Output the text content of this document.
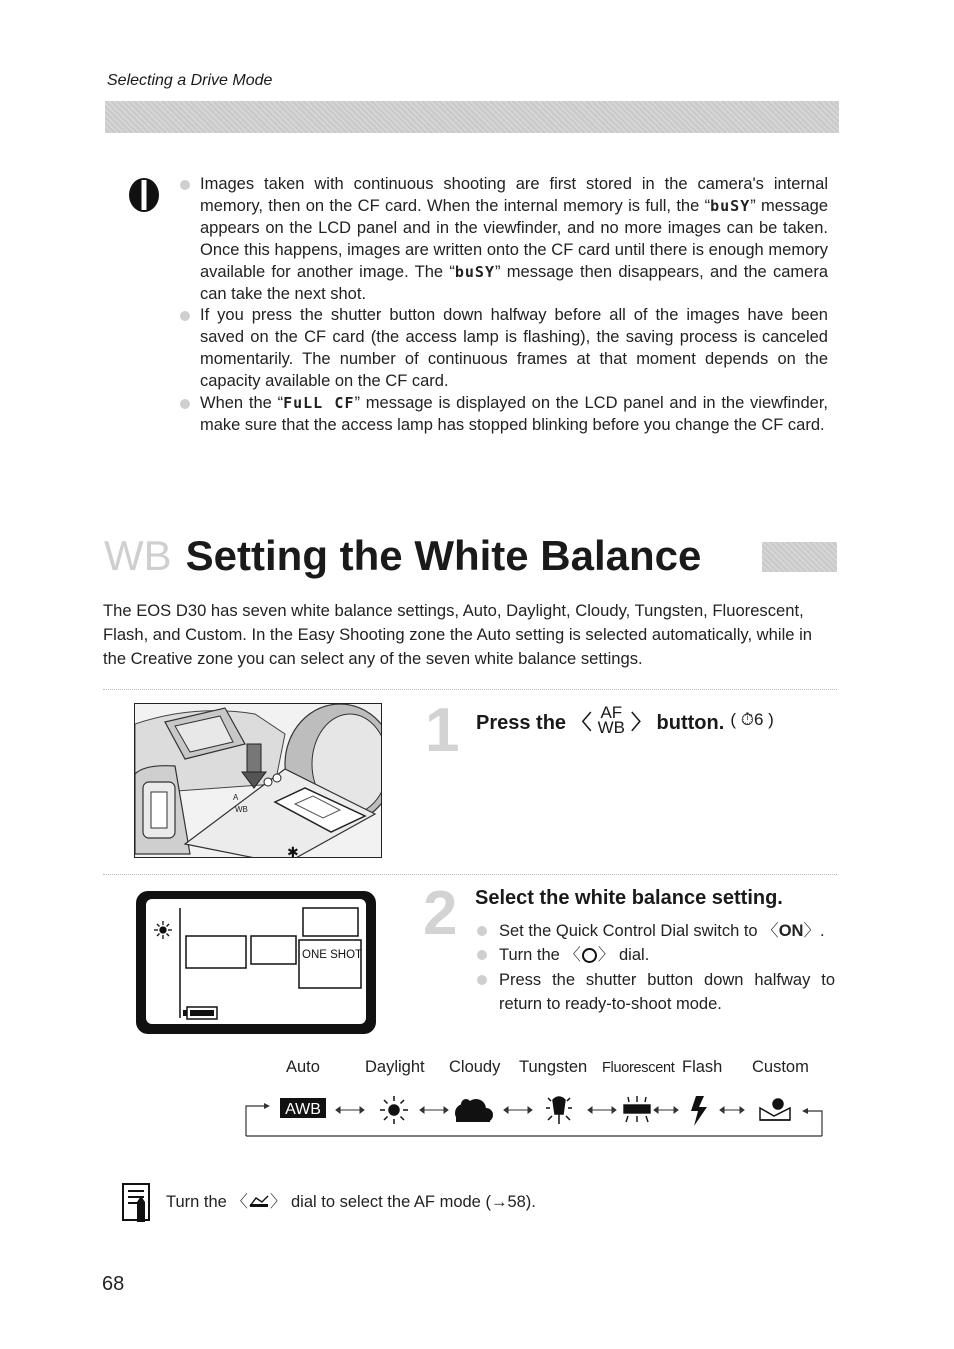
Selecting a Drive Mode
Images taken with continuous shooting are first stored in the camera's internal memory, then on the CF card. When the internal memory is full, the “buSY” message appears on the LCD panel and in the viewfinder, and no more images can be taken. Once this happens, images are written onto the CF card until there is enough memory available for another image. The “buSY” message then disappears, and the camera can take the next shot.
If you press the shutter button down halfway before all of the images have been saved on the CF card (the access lamp is flashing), the saving process is canceled momentarily. The number of continuous frames at that moment depends on the capacity available on the CF card.
When the “FuLL CF” message is displayed on the LCD panel and in the viewfinder, make sure that the access lamp has stopped blinking before you change the CF card.
WB Setting the White Balance
The EOS D30 has seven white balance settings, Auto, Daylight, Cloudy, Tungsten, Fluorescent, Flash, and Custom. In the Easy Shooting zone the Auto setting is selected automatically, while in the Creative zone you can select any of the seven white balance settings.
A
WB
✱
1 Press the 〈 AF
WB 〉 button. ( ⏱6 )
ONE SHOT
2 Select the white balance setting.
Set the Quick Control Dial switch to 〈ON〉.
Turn the 〈 〉 dial.
Press the shutter button down halfway to return to ready-to-shoot mode.
Auto	Daylight Cloudy Tungsten Fluorescent Flash Custom
AWB
Turn the 〈 〉 dial to select the AF mode (→58).
68
